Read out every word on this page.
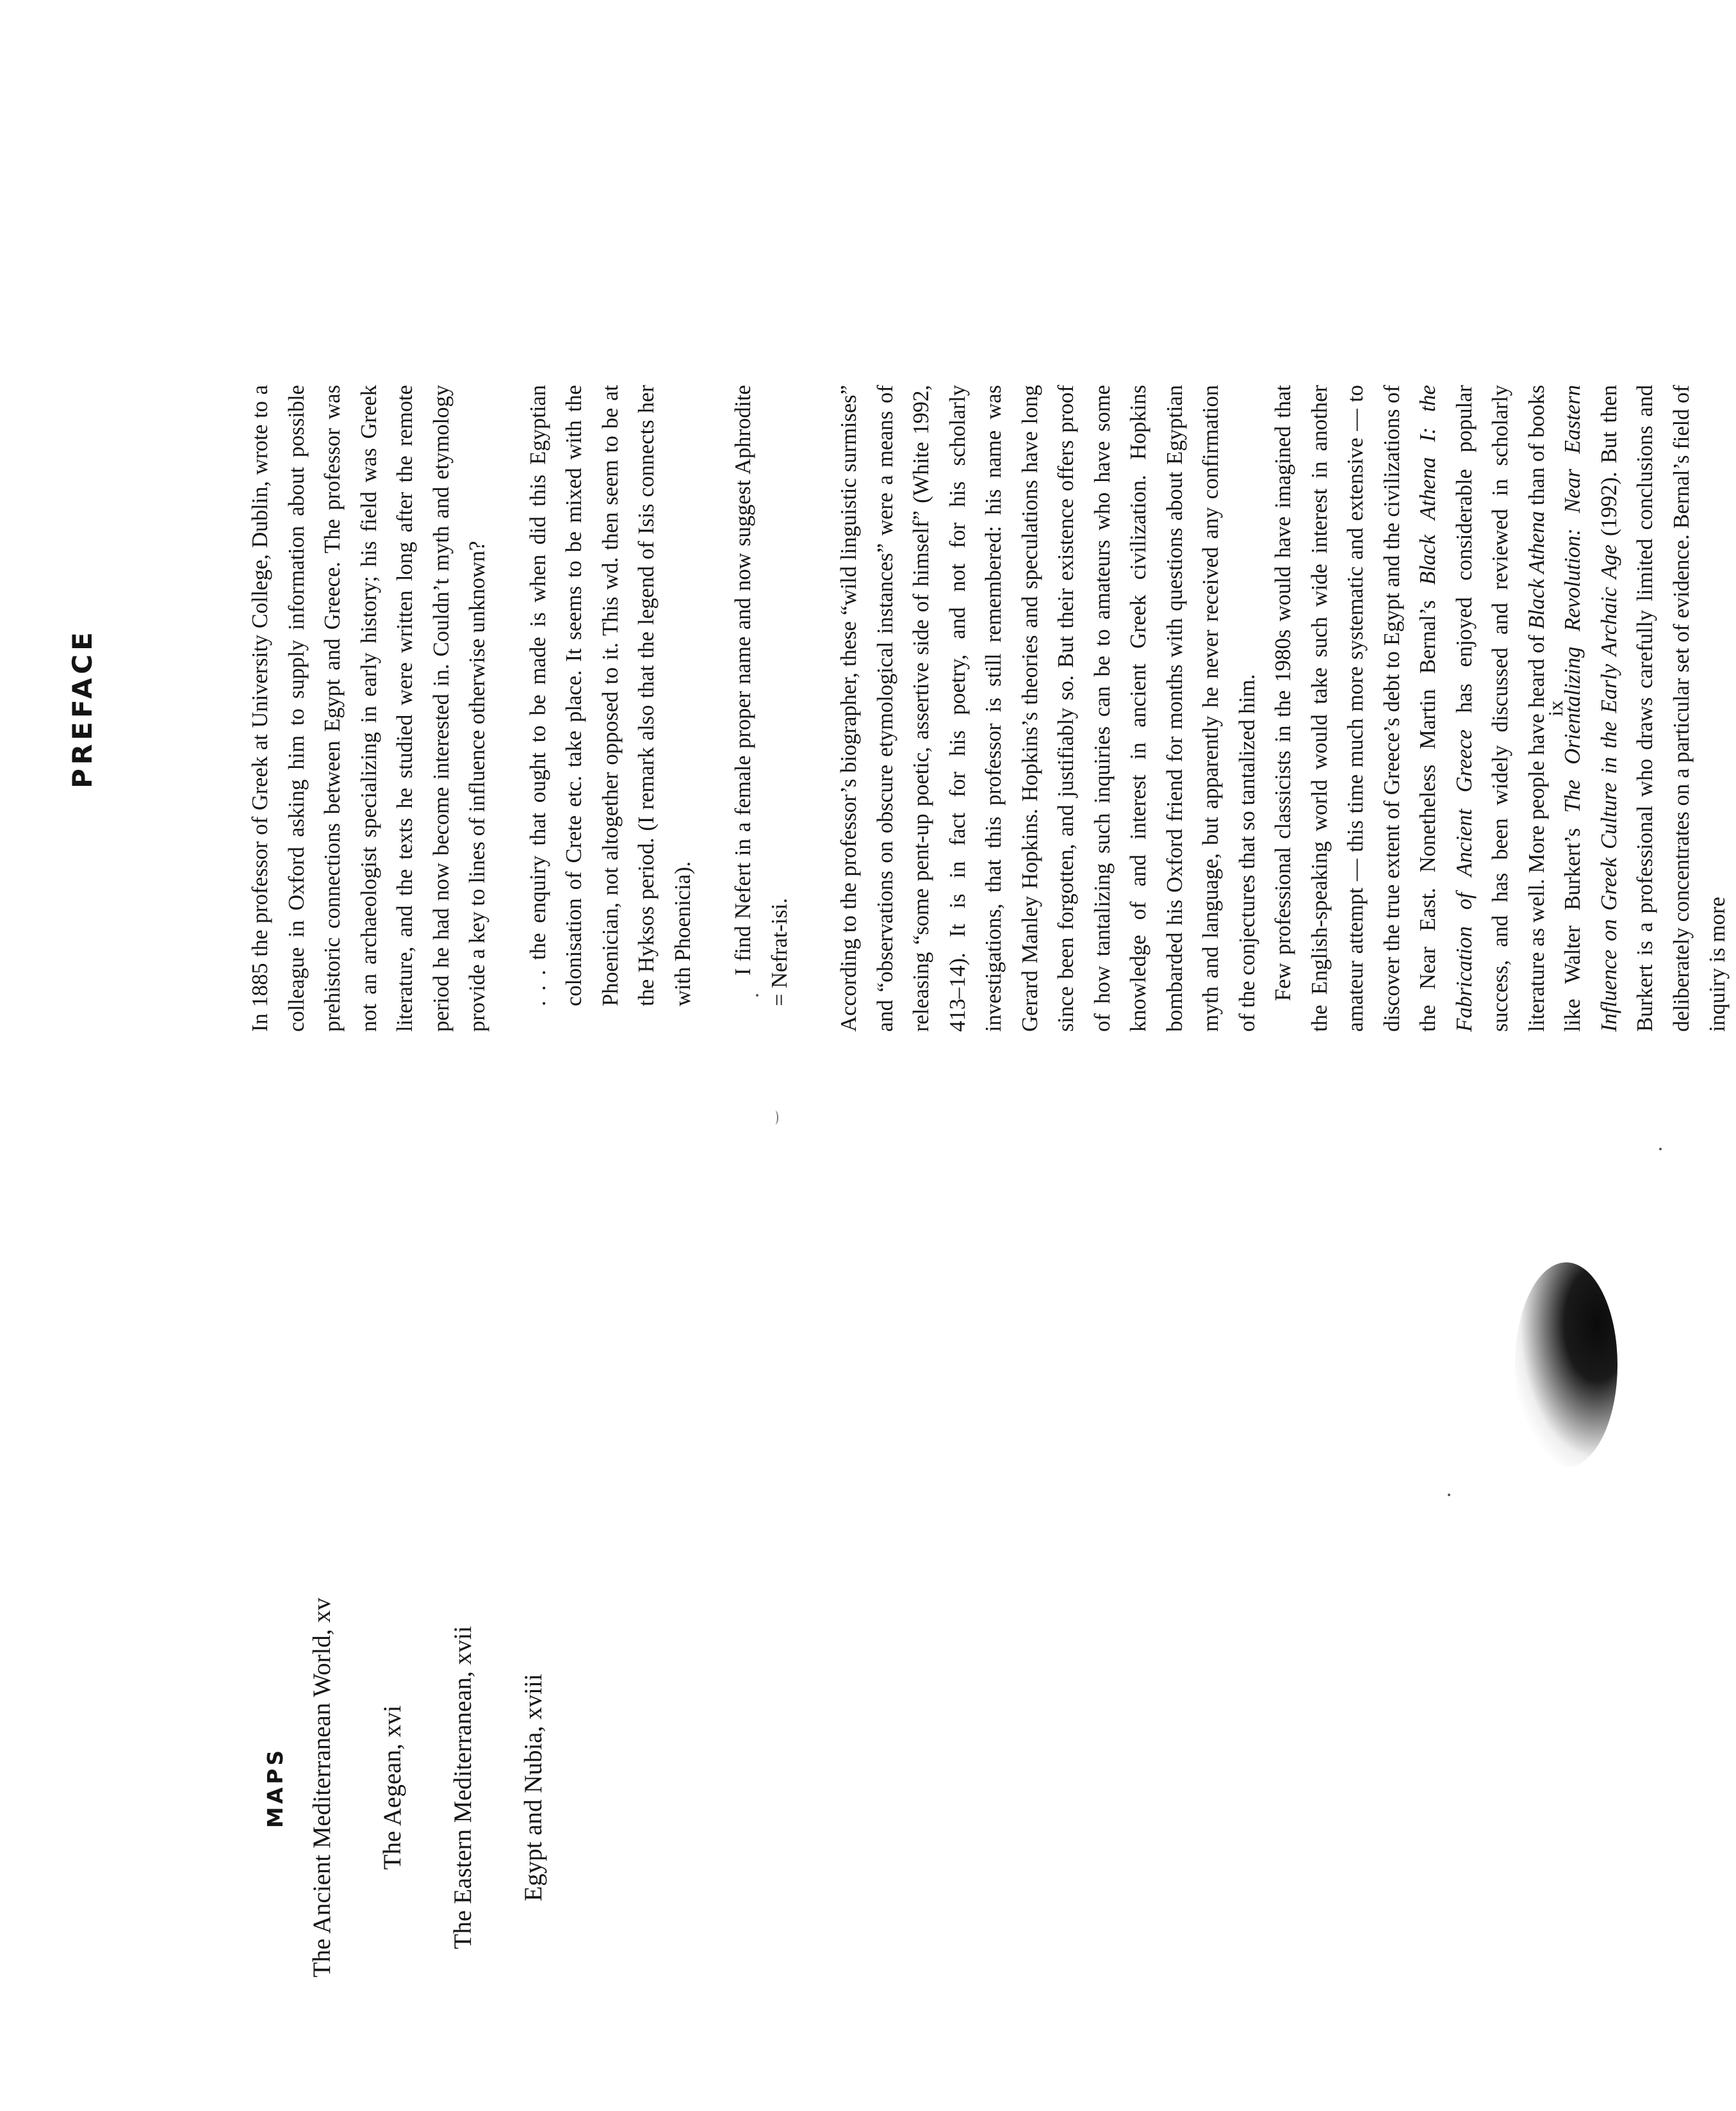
MAPS The Ancient Mediterranean World, xv The Aegean, xvi The Eastern Mediterranean, xvii Egypt and Nubia, xviii
PREFACE	In 1885 the professor of Greek at University College, Dublin, wrote to a colleague in Oxford asking him to supply information about possible prehistoric connections between Egypt and Greece. The professor was not an archaeologist specializing in early history; his field was Greek literature, and the texts he studied were written long after the remote period he had now become interested in. Couldn’t myth and etymology provide a key to lines of influence otherwise unknown? . . . the enquiry that ought to be made is when did this Egyptian colonisation of Crete etc. take place. It seems to be mixed with the Phoenician, not altogether opposed to it. This wd. then seem to be at the Hyksos period. (I remark also that the legend of Isis connects her with Phoenicia). I find Nefert in a female proper name and now suggest Aphrodite = Nefrat-isi. According to the professor’s biographer, these “wild linguistic surmises” and “observations on obscure etymological instances” were a means of releasing “some pent-up poetic, assertive side of himself” (White 1992, 413–14). It is in fact for his poetry, and not for his scholarly investigations, that this professor is still remembered: his name was Gerard Manley Hopkins. Hopkins’s theories and speculations have long since been forgotten, and justifiably so. But their existence offers proof of how tantalizing such inquiries can be to amateurs who have some knowledge of and interest in ancient Greek civilization. Hopkins bombarded his Oxford friend for months with questions about Egyptian myth and language, but apparently he never received any confirmation of the conjectures that so tantalized him. Few professional classicists in the 1980s would have imagined that the English-speaking world would take such wide interest in another amateur attempt — this time much more systematic and extensive — to discover the true extent of Greece’s debt to Egypt and the civilizations of the Near East. Nonetheless Martin Bernal’s Black Athena I: the Fabrication of Ancient Greece has enjoyed considerable popular success, and has been widely discussed and reviewed in scholarly literature as well. More people have heard of Black Athena than of books like Walter Burkert’s The Orientalizing Revolution: Near Eastern Influence on Greek Culture in the Early Archaic Age (1992). But then Burkert is a professional who draws carefully limited conclusions and deliberately concentrates on a particular set of evidence. Bernal’s field of inquiry is more

ix
